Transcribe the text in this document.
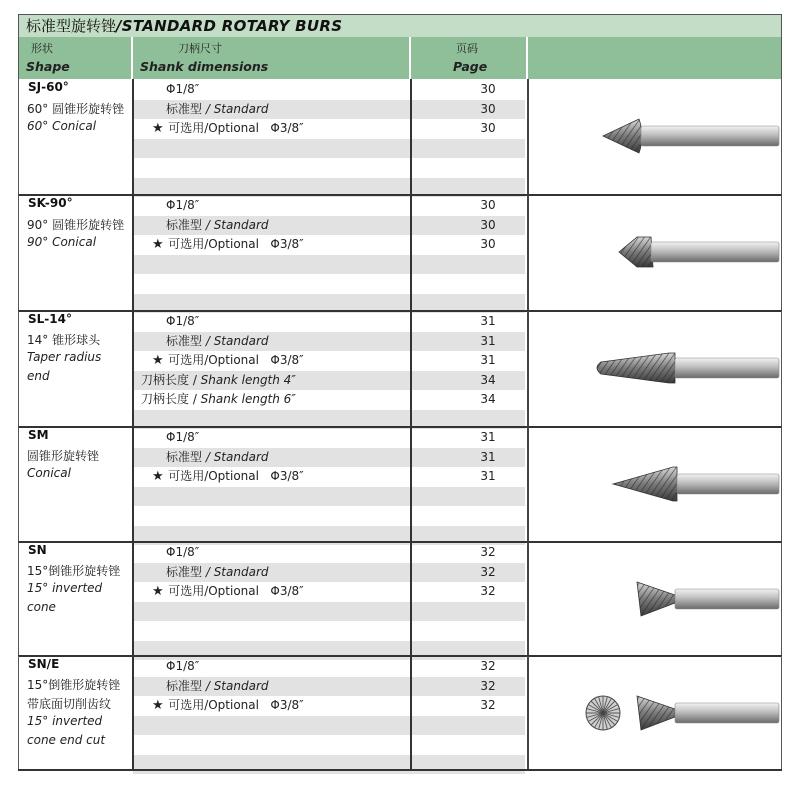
标准型旋转锉/STANDARD ROTARY BURS
形状
Shape
刀柄尺寸
Shank dimensions
页码
Page
SJ-60°
60° 圆锥形旋转锉
60° Conical
Φ1/8″	30
标准型 / Standard	30
★ 可选用/Optional   Φ3/8″	30
SK-90°
90° 圆锥形旋转锉
90° Conical
Φ1/8″	30
标准型 / Standard	30
★ 可选用/Optional   Φ3/8″	30
SL-14°
14° 锥形球头
Taper radius
end
Φ1/8″	31
标准型 / Standard	31
★ 可选用/Optional   Φ3/8″	31
刀柄长度 / Shank length 4″	34
刀柄长度 / Shank length 6″	34
SM
圆锥形旋转锉
Conical
Φ1/8″	31
标准型 / Standard	31
★ 可选用/Optional   Φ3/8″	31
SN
15°倒锥形旋转锉
15° inverted
cone
Φ1/8″	32
标准型 / Standard	32
★ 可选用/Optional   Φ3/8″	32
SN/E
15°倒锥形旋转锉
带底面切削齿纹
15° inverted
cone end cut
Φ1/8″	32
标准型 / Standard	32
★ 可选用/Optional   Φ3/8″	32
